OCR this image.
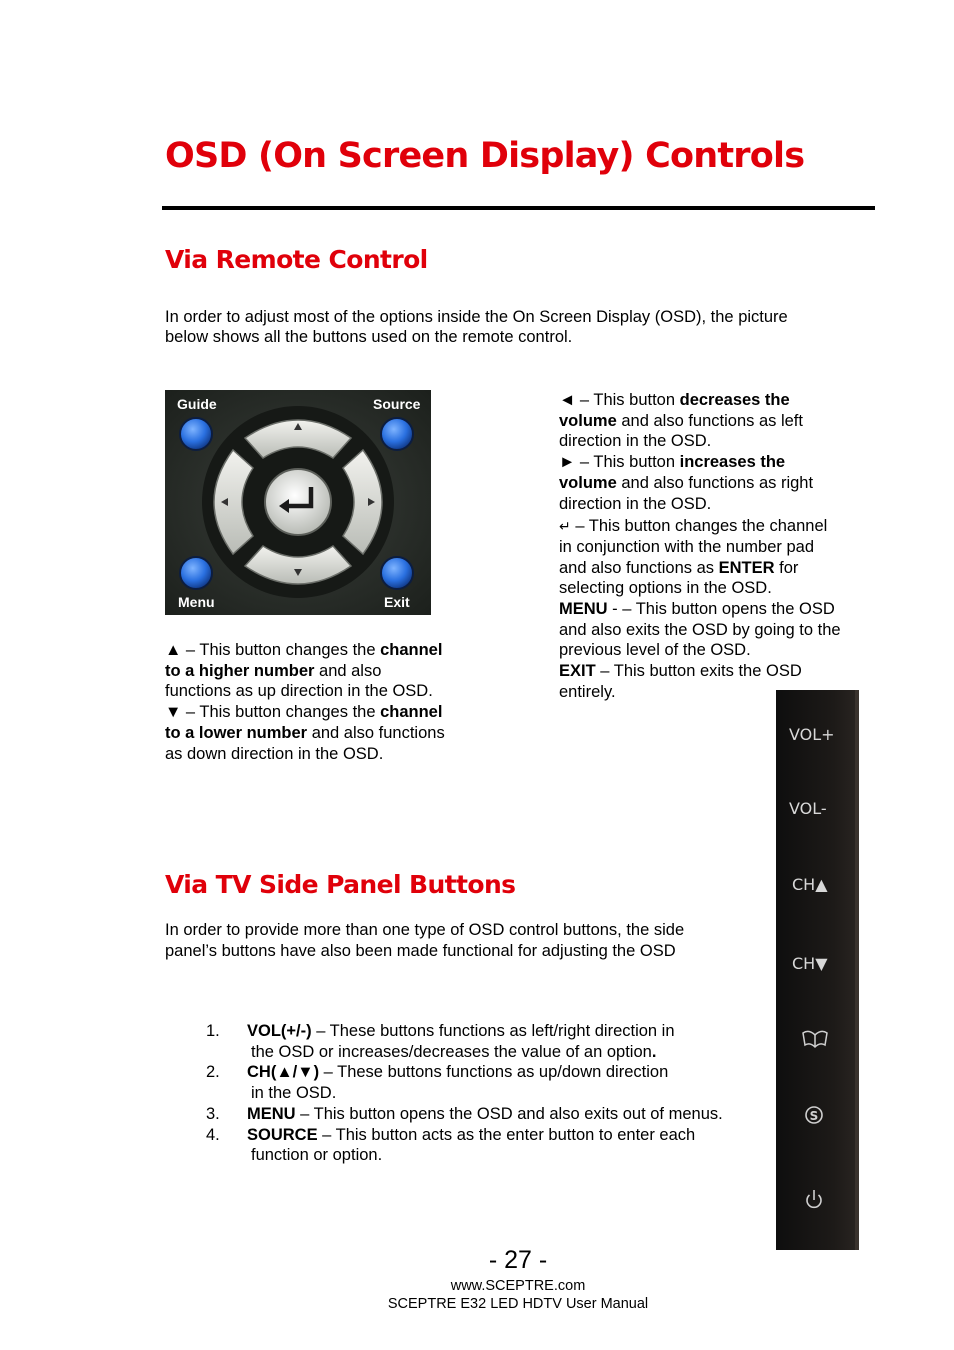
OSD (On Screen Display) Controls
Via Remote Control

In order to adjust most of the options inside the On Screen Display (OSD), the picture

below shows all the buttons used on the remote control.

Guide	Source
Menu	Exit
▲ – This button changes the channel
to a higher number and also
functions as up direction in the OSD.
▼ – This button changes the channel
to a lower number and also functions
as down direction in the OSD.
◄ – This button decreases the
volume and also functions as left
direction in the OSD.
► – This button increases the
volume and also functions as right
direction in the OSD.
↵ – This button changes the channel
in conjunction with the number pad
and also functions as ENTER for
selecting options in the OSD.
MENU - – This button opens the OSD
and also exits the OSD by going to the
previous level of the OSD.
EXIT – This button exits the OSD
entirely.
VOL+
VOL-
CH▲
CH▼
S
Via TV Side Panel Buttons

In order to provide more than one type of OSD control buttons, the side

panel’s buttons have also been made functional for adjusting the OSD

1. VOL(+/-) – These buttons functions as left/right direction in
the OSD or increases/decreases the value of an option.
2. CH(▲/▼) – These buttons functions as up/down direction
in the OSD.
3. MENU – This button opens the OSD and also exits out of menus.
4. SOURCE – This button acts as the enter button to enter each
function or option.
- 27 -
www.SCEPTRE.com
SCEPTRE E32 LED HDTV User Manual
